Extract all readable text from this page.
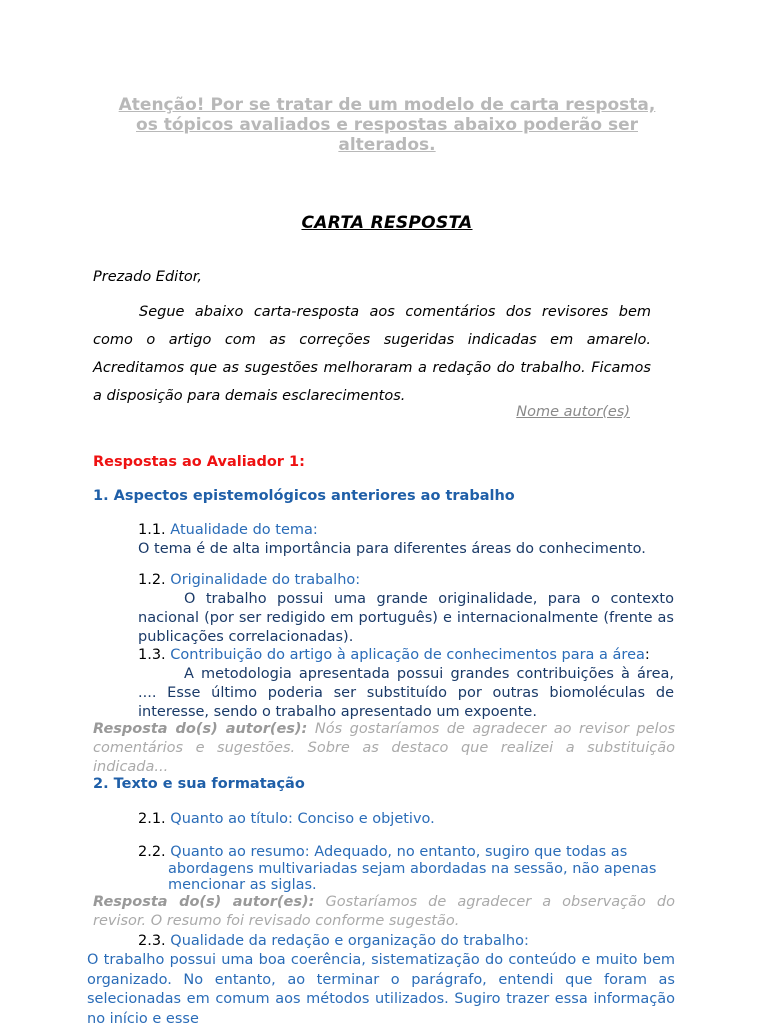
Atenção! Por se tratar de um modelo de carta resposta,
os tópicos avaliados e respostas abaixo poderão ser
alterados.
CARTA RESPOSTA
Prezado Editor,

Segue abaixo carta-resposta aos comentários dos revisores bem como o artigo com as correções sugeridas indicadas em amarelo. Acreditamos que as sugestões melhoraram a redação do trabalho. Ficamos a disposição para demais esclarecimentos.

Nome autor(es)
Respostas ao Avaliador 1:
1. Aspectos epistemológicos anteriores ao trabalho
1.1. Atualidade do tema:
O tema é de alta importância para diferentes áreas do conhecimento.
1.2. Originalidade do trabalho:
O trabalho possui uma grande originalidade, para o contexto nacional (por ser redigido em português) e internacionalmente (frente as publicações correlacionadas).
1.3. Contribuição do artigo à aplicação de conhecimentos para a área:
A metodologia apresentada possui grandes contribuições à área, .... Esse último poderia ser substituído por outras biomoléculas de interesse, sendo o trabalho apresentado um expoente.
Resposta do(s) autor(es): Nós gostaríamos de agradecer ao revisor pelos comentários e sugestões. Sobre as destaco que realizei a substituição indicada...
2. Texto e sua formatação
2.1. Quanto ao título: Conciso e objetivo.
2.2. Quanto ao resumo: Adequado, no entanto, sugiro que todas as
abordagens multivariadas sejam abordadas na sessão, não apenas
mencionar as siglas.
Resposta do(s) autor(es): Gostaríamos de agradecer a observação do revisor. O resumo foi revisado conforme sugestão.
2.3. Qualidade da redação e organização do trabalho:
O trabalho possui uma boa coerência, sistematização do conteúdo e muito bem organizado. No entanto, ao terminar o parágrafo, entendi que foram as selecionadas em comum aos métodos utilizados. Sugiro trazer essa informação no início e esse
